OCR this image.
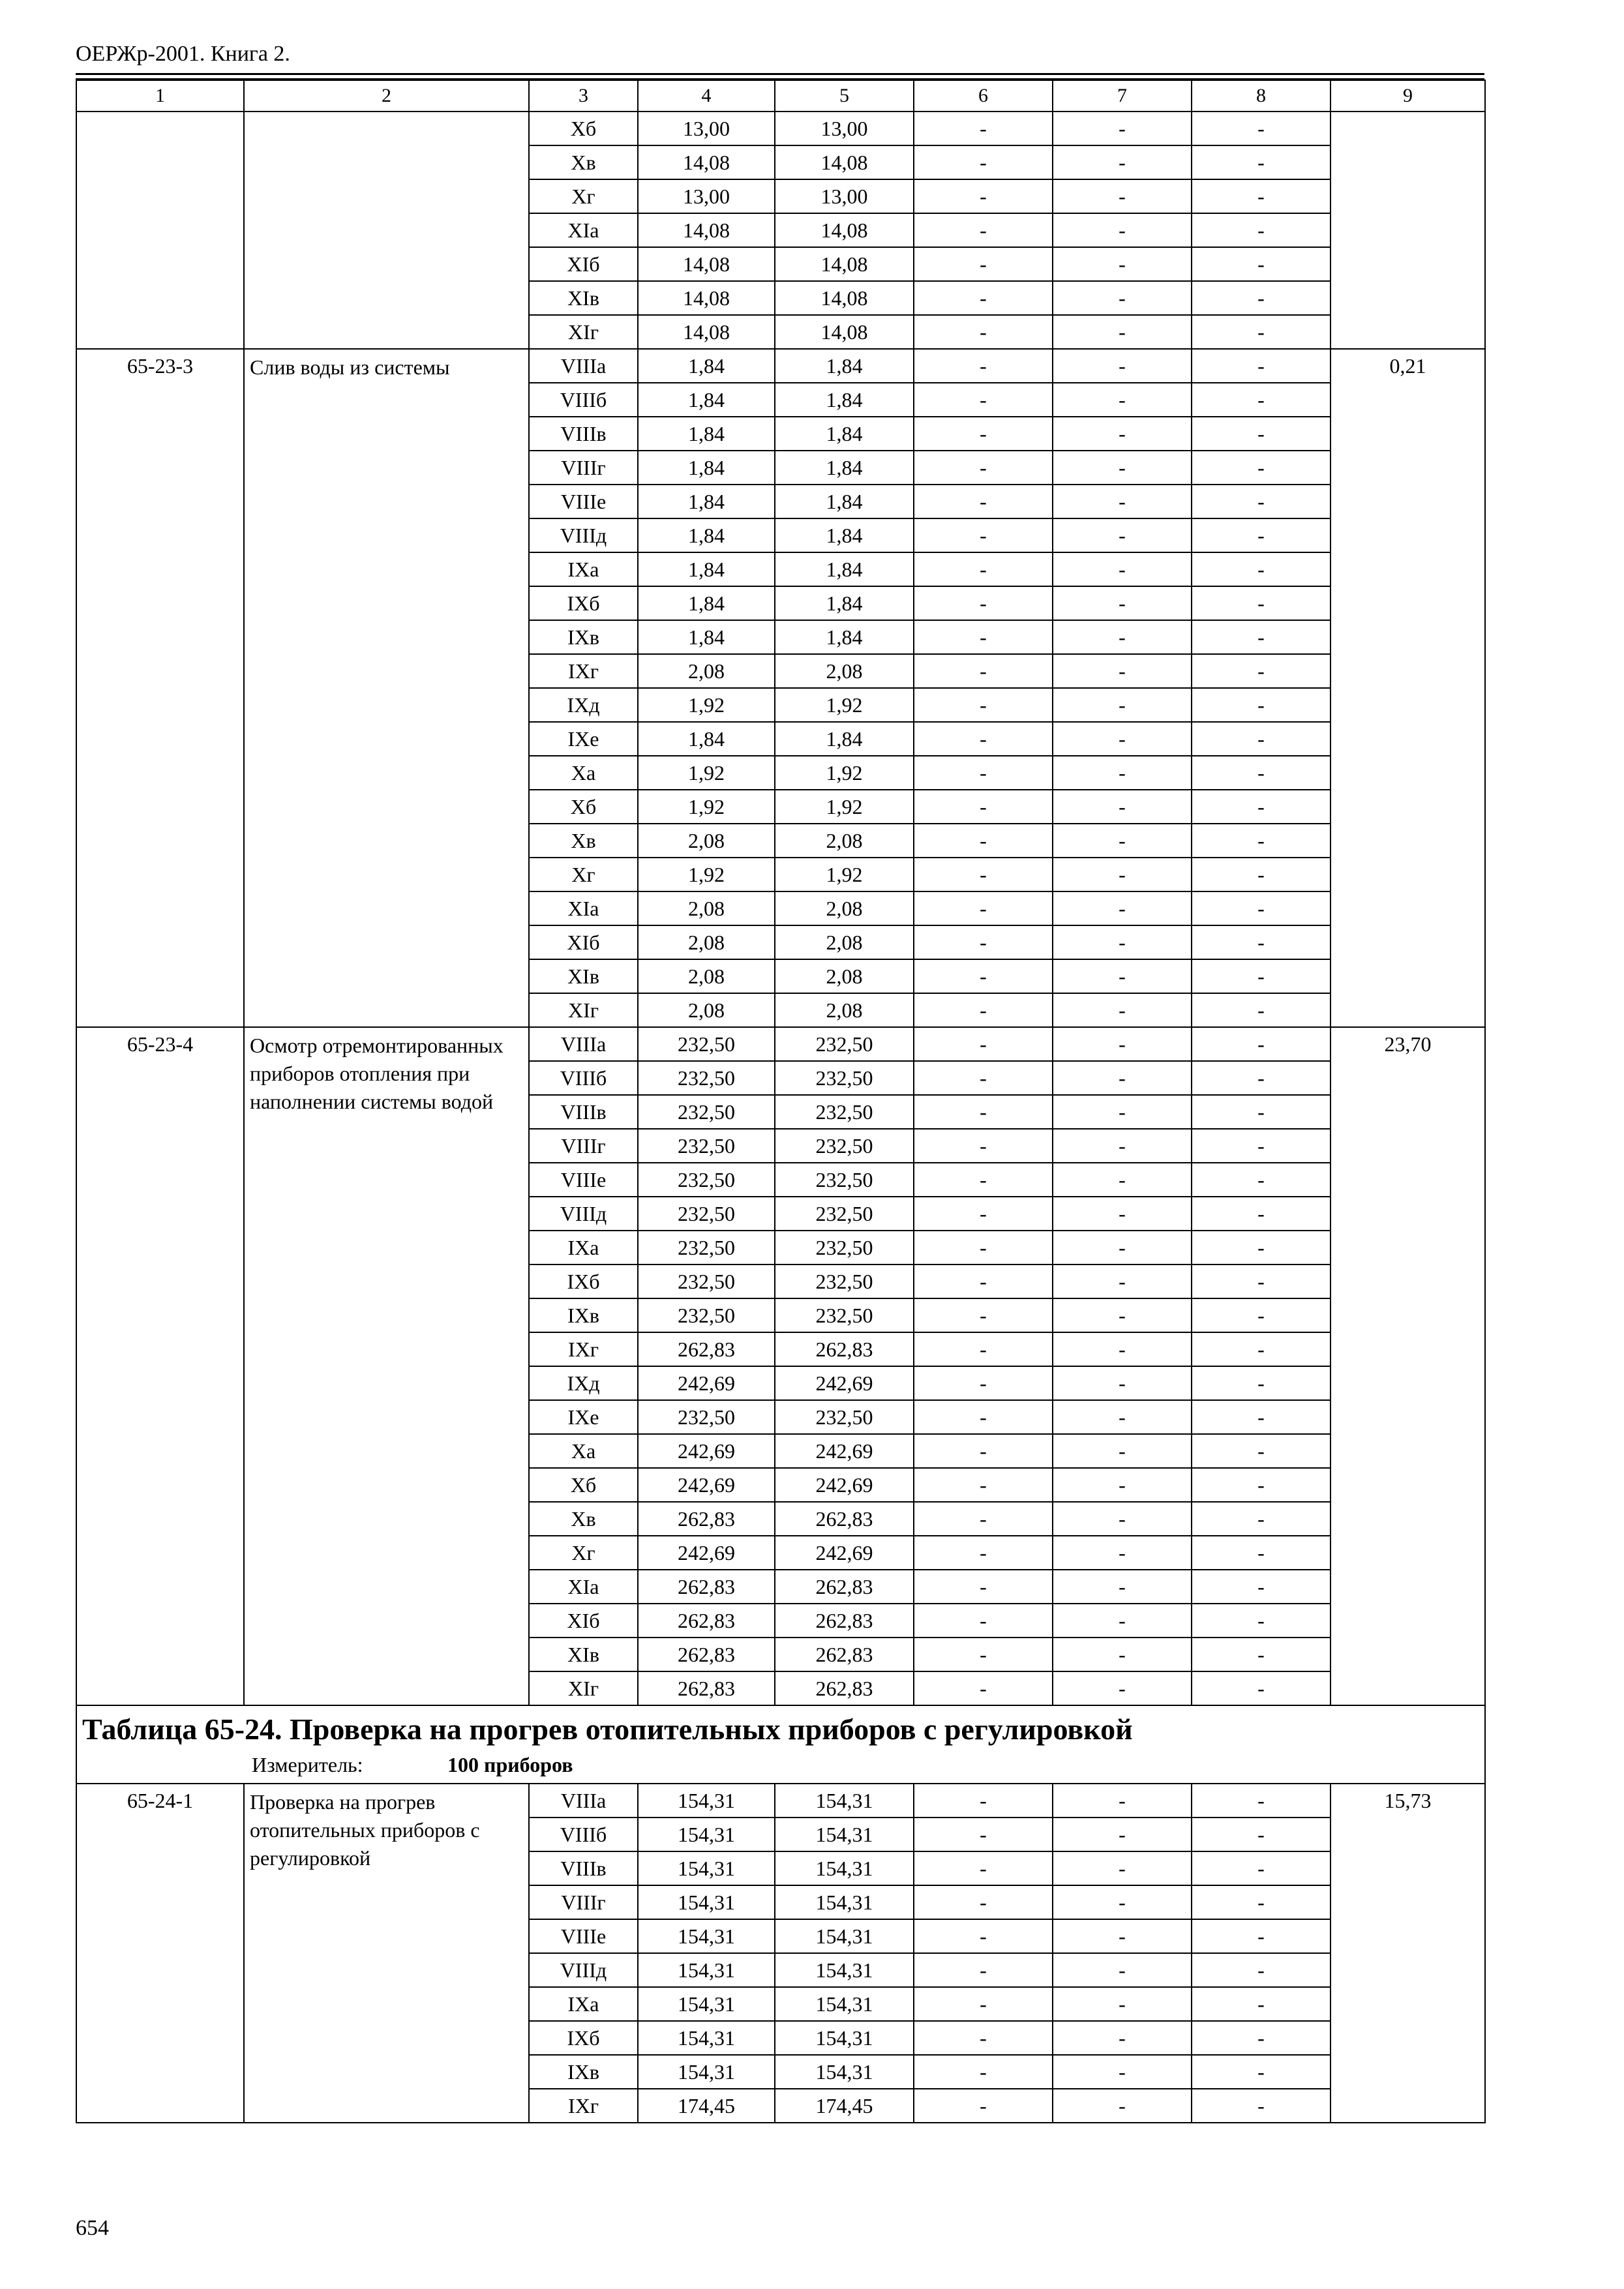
ОЕРЖр-2001. Книга 2.
1	2	3	4	5	6	7	8	9
		Xб	13,00	13,00	-	-	-	
		Xв	14,08	14,08	-	-	-	
		Xг	13,00	13,00	-	-	-	
		XIа	14,08	14,08	-	-	-	
		XIб	14,08	14,08	-	-	-	
		XIв	14,08	14,08	-	-	-	
		XIг	14,08	14,08	-	-	-	
65-23-3	Слив воды из системы	VIIIа	1,84	1,84	-	-	-	0,21
		VIIIб	1,84	1,84	-	-	-	
		VIIIв	1,84	1,84	-	-	-	
		VIIIг	1,84	1,84	-	-	-	
		VIIIе	1,84	1,84	-	-	-	
		VIIIд	1,84	1,84	-	-	-	
		IXа	1,84	1,84	-	-	-	
		IXб	1,84	1,84	-	-	-	
		IXв	1,84	1,84	-	-	-	
		IXг	2,08	2,08	-	-	-	
		IXд	1,92	1,92	-	-	-	
		IXе	1,84	1,84	-	-	-	
		Xа	1,92	1,92	-	-	-	
		Xб	1,92	1,92	-	-	-	
		Xв	2,08	2,08	-	-	-	
		Xг	1,92	1,92	-	-	-	
		XIа	2,08	2,08	-	-	-	
		XIб	2,08	2,08	-	-	-	
		XIв	2,08	2,08	-	-	-	
		XIг	2,08	2,08	-	-	-	
65-23-4	Осмотр отремонтированных приборов отопления при наполнении системы водой	VIIIа	232,50	232,50	-	-	-	23,70
		VIIIб	232,50	232,50	-	-	-	
		VIIIв	232,50	232,50	-	-	-	
		VIIIг	232,50	232,50	-	-	-	
		VIIIе	232,50	232,50	-	-	-	
		VIIIд	232,50	232,50	-	-	-	
		IXа	232,50	232,50	-	-	-	
		IXб	232,50	232,50	-	-	-	
		IXв	232,50	232,50	-	-	-	
		IXг	262,83	262,83	-	-	-	
		IXд	242,69	242,69	-	-	-	
		IXе	232,50	232,50	-	-	-	
		Xа	242,69	242,69	-	-	-	
		Xб	242,69	242,69	-	-	-	
		Xв	262,83	262,83	-	-	-	
		Xг	242,69	242,69	-	-	-	
		XIа	262,83	262,83	-	-	-	
		XIб	262,83	262,83	-	-	-	
		XIв	262,83	262,83	-	-	-	
		XIг	262,83	262,83	-	-	-	

Таблица 65-24. Проверка на прогрев отопительных приборов с регулировкой
Измеритель: 100 приборов								

65-24-1	Проверка на прогрев отопительных приборов с регулировкой	VIIIа	154,31	154,31	-	-	-	15,73
		VIIIб	154,31	154,31	-	-	-	
		VIIIв	154,31	154,31	-	-	-	
		VIIIг	154,31	154,31	-	-	-	
		VIIIе	154,31	154,31	-	-	-	
		VIIIд	154,31	154,31	-	-	-	
		IXа	154,31	154,31	-	-	-	
		IXб	154,31	154,31	-	-	-	
		IXв	154,31	154,31	-	-	-	
		IXг	174,45	174,45	-	-	-	
654
